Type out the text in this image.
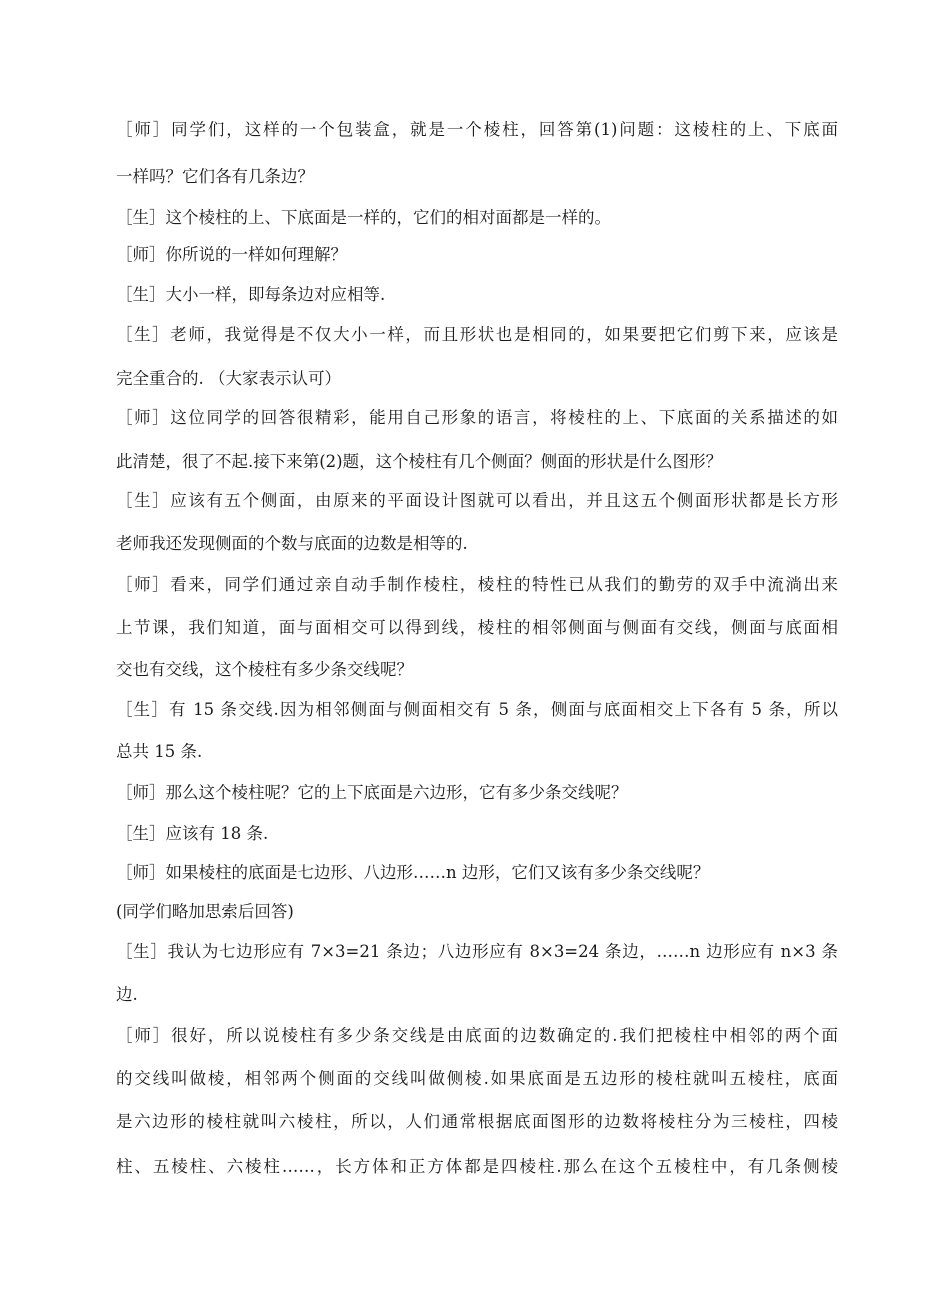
［师］同学们，这样的一个包装盒，就是一个棱柱，回答第(1)问题：这棱柱的上、下底面
一样吗？它们各有几条边？
［生］这个棱柱的上、下底面是一样的，它们的相对面都是一样的。
［师］你所说的一样如何理解？
［生］大小一样，即每条边对应相等.
［生］老师，我觉得是不仅大小一样，而且形状也是相同的，如果要把它们剪下来，应该是
完全重合的. （大家表示认可）
［师］这位同学的回答很精彩，能用自己形象的语言，将棱柱的上、下底面的关系描述的如
此清楚，很了不起.接下来第(2)题，这个棱柱有几个侧面？侧面的形状是什么图形？
［生］应该有五个侧面，由原来的平面设计图就可以看出，并且这五个侧面形状都是长方形
老师我还发现侧面的个数与底面的边数是相等的.
［师］看来，同学们通过亲自动手制作棱柱，棱柱的特性已从我们的勤劳的双手中流淌出来
上节课，我们知道，面与面相交可以得到线，棱柱的相邻侧面与侧面有交线，侧面与底面相
交也有交线，这个棱柱有多少条交线呢？
［生］有 15 条交线.因为相邻侧面与侧面相交有 5 条，侧面与底面相交上下各有 5 条，所以
总共 15 条.
［师］那么这个棱柱呢？它的上下底面是六边形，它有多少条交线呢？
［生］应该有 18 条.
［师］如果棱柱的底面是七边形、八边形……n 边形，它们又该有多少条交线呢？
(同学们略加思索后回答)
［生］我认为七边形应有 7×3=21 条边；八边形应有 8×3=24 条边，……n 边形应有 n×3 条
边.
［师］很好，所以说棱柱有多少条交线是由底面的边数确定的.我们把棱柱中相邻的两个面
的交线叫做棱，相邻两个侧面的交线叫做侧棱.如果底面是五边形的棱柱就叫五棱柱，底面
是六边形的棱柱就叫六棱柱，所以，人们通常根据底面图形的边数将棱柱分为三棱柱，四棱
柱、五棱柱、六棱柱……，长方体和正方体都是四棱柱.那么在这个五棱柱中，有几条侧棱
